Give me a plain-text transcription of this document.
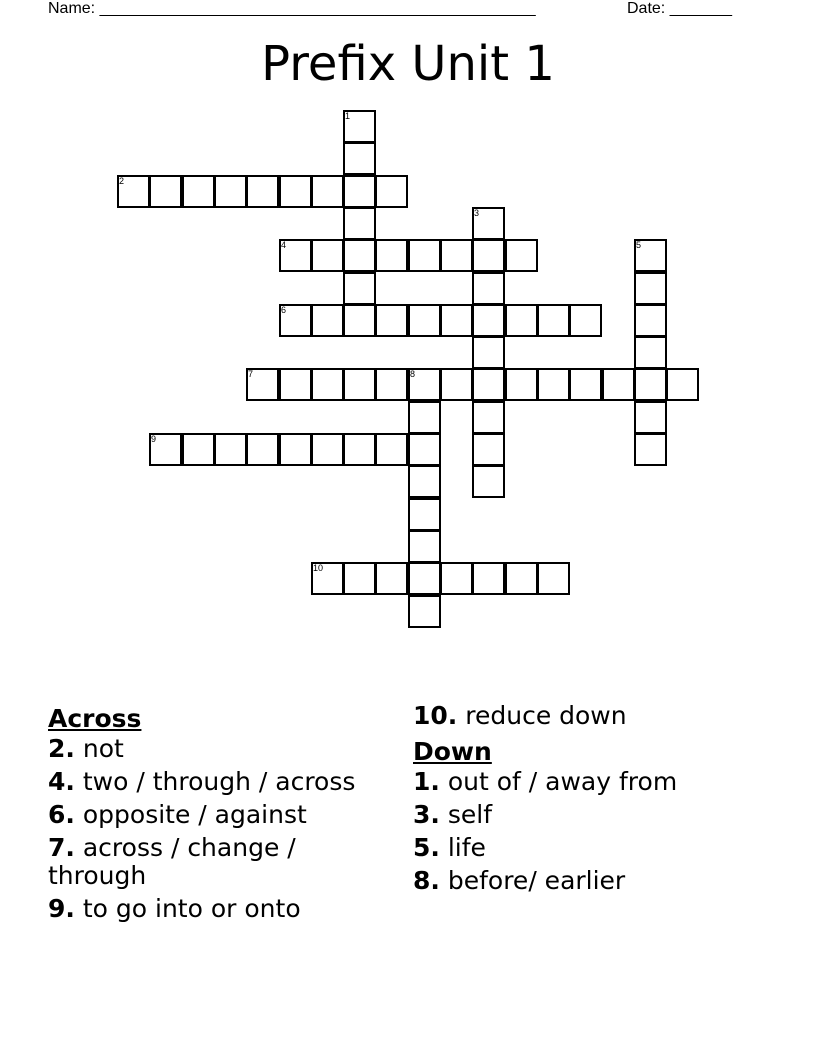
Name: _________________________________________________	Date: _______
Prefix Unit 1
1
2
3
4	5
6
7	8
9
10
Across
2. not
4. two / through / across
6. opposite / against
7. across / change / through
9. to go into or onto
10. reduce down
Down
1. out of / away from
3. self
5. life
8. before/ earlier
